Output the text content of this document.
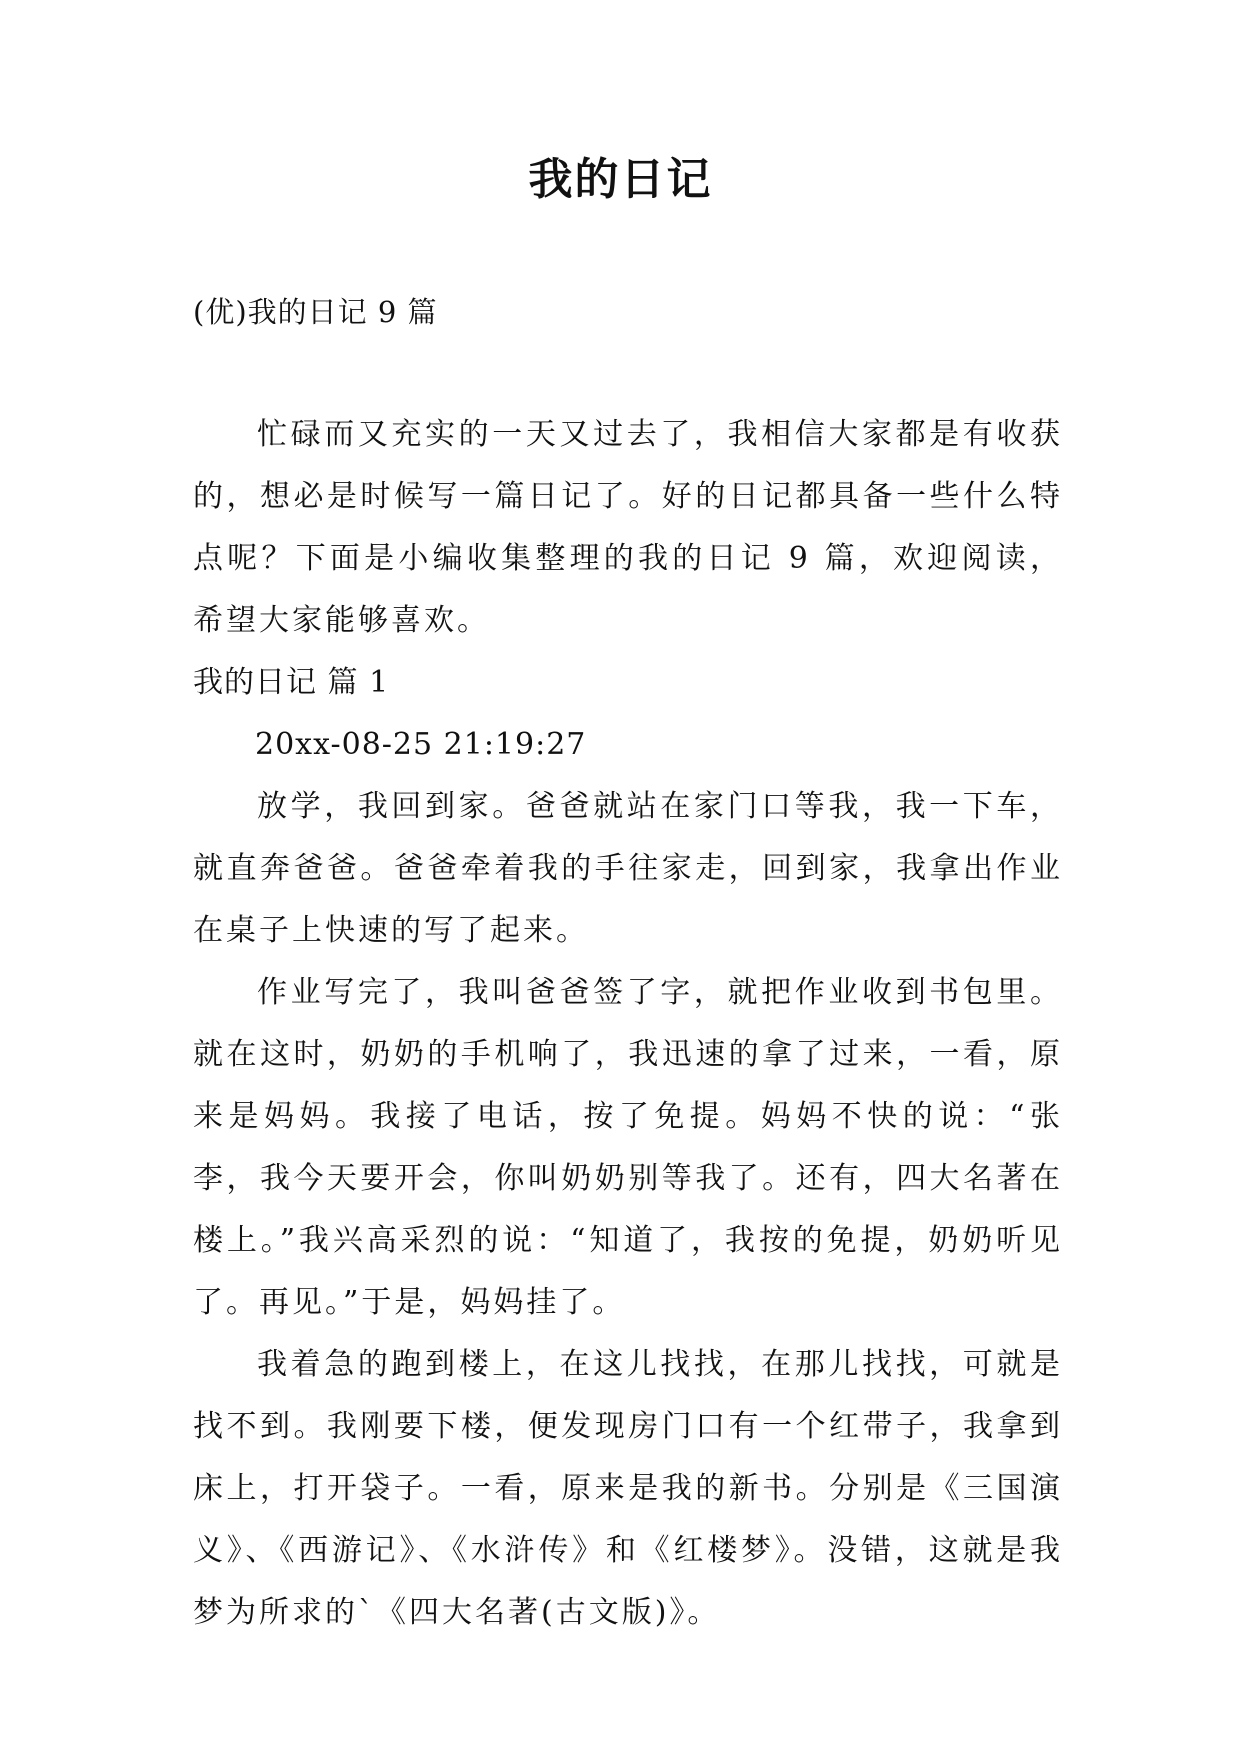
我的日记
(优)我的日记 9 篇

忙碌而又充实的一天又过去了，我相信大家都是有收获的，想必是时候写一篇日记了。好的日记都具备一些什么特点呢？下面是小编收集整理的我的日记 9 篇，欢迎阅读，希望大家能够喜欢。

我的日记 篇 1

20xx-08-25 21:19:27

放学，我回到家。爸爸就站在家门口等我，我一下车，就直奔爸爸。爸爸牵着我的手往家走，回到家，我拿出作业在桌子上快速的写了起来。

作业写完了，我叫爸爸签了字，就把作业收到书包里。就在这时，奶奶的手机响了，我迅速的拿了过来，一看，原来是妈妈。我接了电话，按了免提。妈妈不快的说：“张李，我今天要开会，你叫奶奶别等我了。还有，四大名著在楼上。”我兴高采烈的说：“知道了，我按的免提，奶奶听见了。再见。”于是，妈妈挂了。

我着急的跑到楼上，在这儿找找，在那儿找找，可就是找不到。我刚要下楼，便发现房门口有一个红带子，我拿到床上，打开袋子。一看，原来是我的新书。分别是《三国演义》、《西游记》、《水浒传》和《红楼梦》。没错，这就是我梦为所求的`《四大名著(古文版)》。
